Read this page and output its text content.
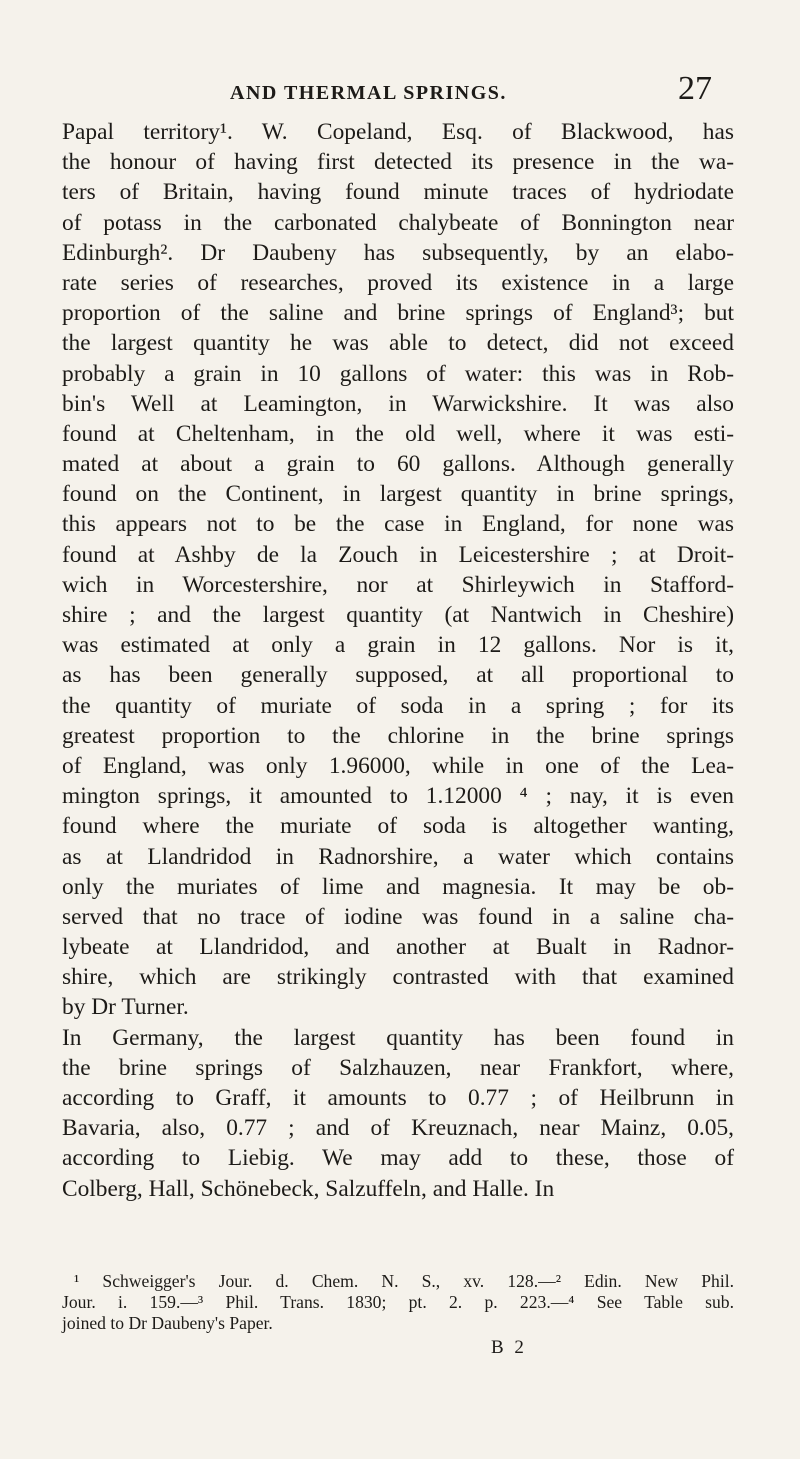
AND THERMAL SPRINGS.	27
Papal territory¹. W. Copeland, Esq. of Blackwood, has
the honour of having first detected its presence in the wa-
ters of Britain, having found minute traces of hydriodate
of potass in the carbonated chalybeate of Bonnington near
Edinburgh². Dr Daubeny has subsequently, by an elabo-
rate series of researches, proved its existence in a large
proportion of the saline and brine springs of England³; but
the largest quantity he was able to detect, did not exceed
probably a grain in 10 gallons of water: this was in Rob-
bin's Well at Leamington, in Warwickshire. It was also
found at Cheltenham, in the old well, where it was esti-
mated at about a grain to 60 gallons. Although generally
found on the Continent, in largest quantity in brine springs,
this appears not to be the case in England, for none was
found at Ashby de la Zouch in Leicestershire ; at Droit-
wich in Worcestershire, nor at Shirleywich in Stafford-
shire ; and the largest quantity (at Nantwich in Cheshire)
was estimated at only a grain in 12 gallons. Nor is it,
as has been generally supposed, at all proportional to
the quantity of muriate of soda in a spring ; for its
greatest proportion to the chlorine in the brine springs
of England, was only 1.96000, while in one of the Lea-
mington springs, it amounted to 1.12000 ⁴ ; nay, it is even
found where the muriate of soda is altogether wanting,
as at Llandridod in Radnorshire, a water which contains
only the muriates of lime and magnesia. It may be ob-
served that no trace of iodine was found in a saline cha-
lybeate at Llandridod, and another at Bualt in Radnor-
shire, which are strikingly contrasted with that examined
by Dr Turner.
In Germany, the largest quantity has been found in
the brine springs of Salzhauzen, near Frankfort, where,
according to Graff, it amounts to 0.77 ; of Heilbrunn in
Bavaria, also, 0.77 ; and of Kreuznach, near Mainz, 0.05,
according to Liebig. We may add to these, those of
Colberg, Hall, Schönebeck, Salzuffeln, and Halle. In
¹ Schweigger's Jour. d. Chem. N. S., xv. 128.—² Edin. New Phil.
Jour. i. 159.—³ Phil. Trans. 1830; pt. 2. p. 223.—⁴ See Table sub.
joined to Dr Daubeny's Paper.
B 2
